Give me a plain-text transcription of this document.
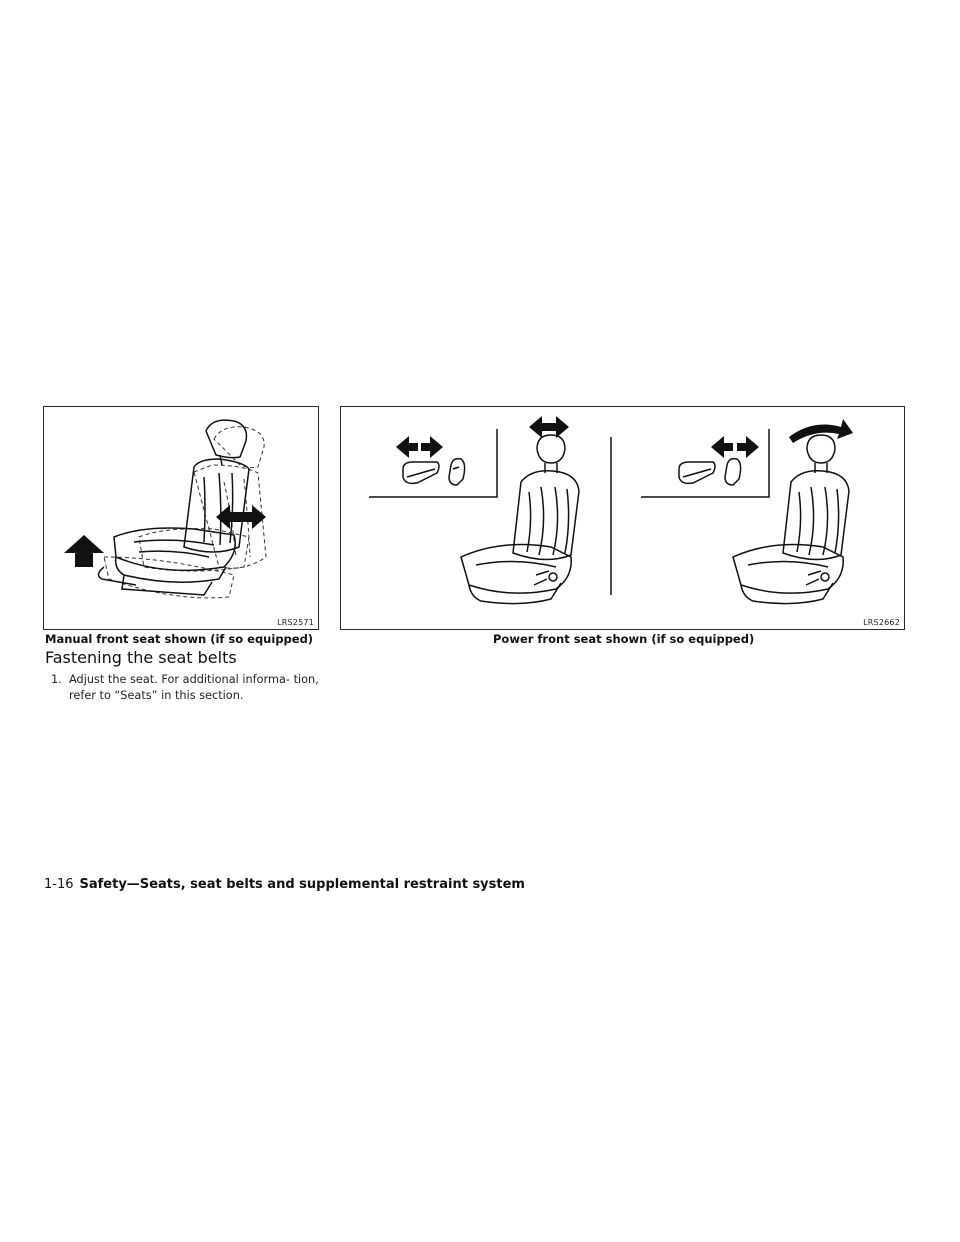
LRS2571	LRS2662
Manual front seat shown (if so equipped)	Power front seat shown (if so equipped)
Fastening the seat belts
1. Adjust the seat. For additional informa- tion, refer to “Seats” in this section.
1-16 Safety—Seats, seat belts and supplemental restraint system
